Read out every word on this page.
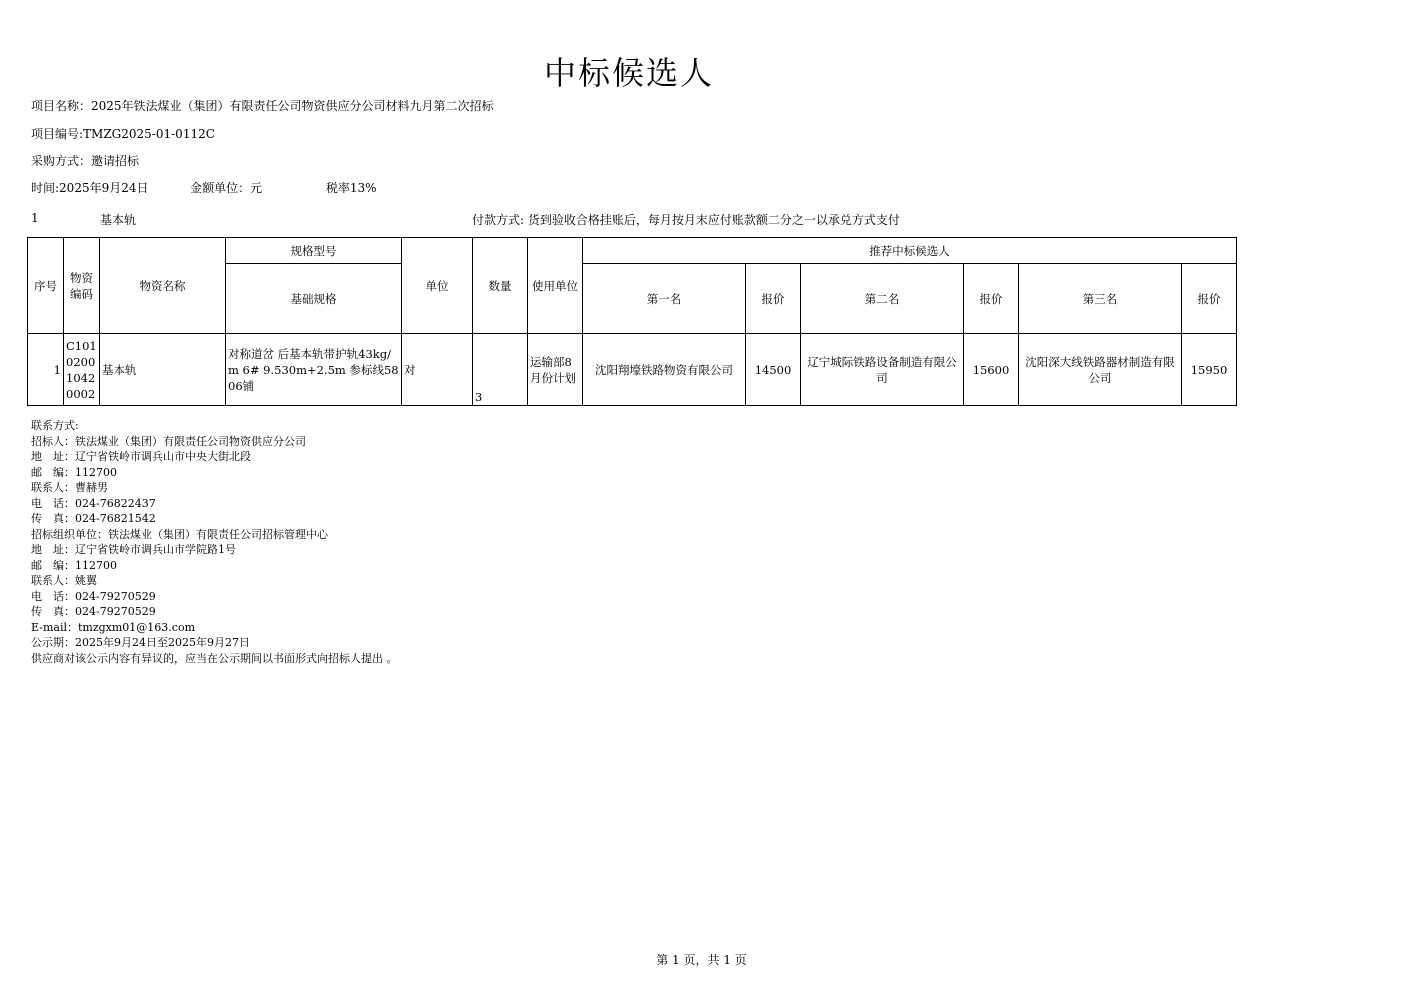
中标候选人
项目名称：2025年铁法煤业（集团）有限责任公司物资供应分公司材料九月第二次招标
项目编号:TMZG2025-01-0112C
采购方式：邀请招标
时间:2025年9月24日	金额单位：元	税率13%
1	基本轨	付款方式: 货到验收合格挂账后，每月按月末应付账款额二分之一以承兑方式支付
序号	物资编码	物资名称	规格型号	单位	数量	使用单位	推荐中标候选人					
			基础规格				第一名	报价	第二名	报价	第三名	报价
1	C10102001042 0002	基本轨	对称道岔 后基本轨带护轨43kg/m 6# 9.530m+2.5m 参标线5806铺	对	3	运输部8月份计划	沈阳翔壕铁路物资有限公司	14500	辽宁城际铁路设备制造有限公司	15600	沈阳深大线铁路器材制造有限公司	15950
联系方式:
招标人：铁法煤业（集团）有限责任公司物资供应分公司
地　址：辽宁省铁岭市调兵山市中央大街北段
邮　编：112700
联系人：曹赫男
电　话：024-76822437
传　真：024-76821542
招标组织单位：铁法煤业（集团）有限责任公司招标管理中心
地　址：辽宁省铁岭市调兵山市学院路1号
邮　编：112700
联系人：姚翼
电　话：024-79270529
传　真：024-79270529
E-mail：tmzgxm01@163.com
公示期：2025年9月24日至2025年9月27日
供应商对该公示内容有异议的，应当在公示期间以书面形式向招标人提出 。
第 1 页，共 1 页
